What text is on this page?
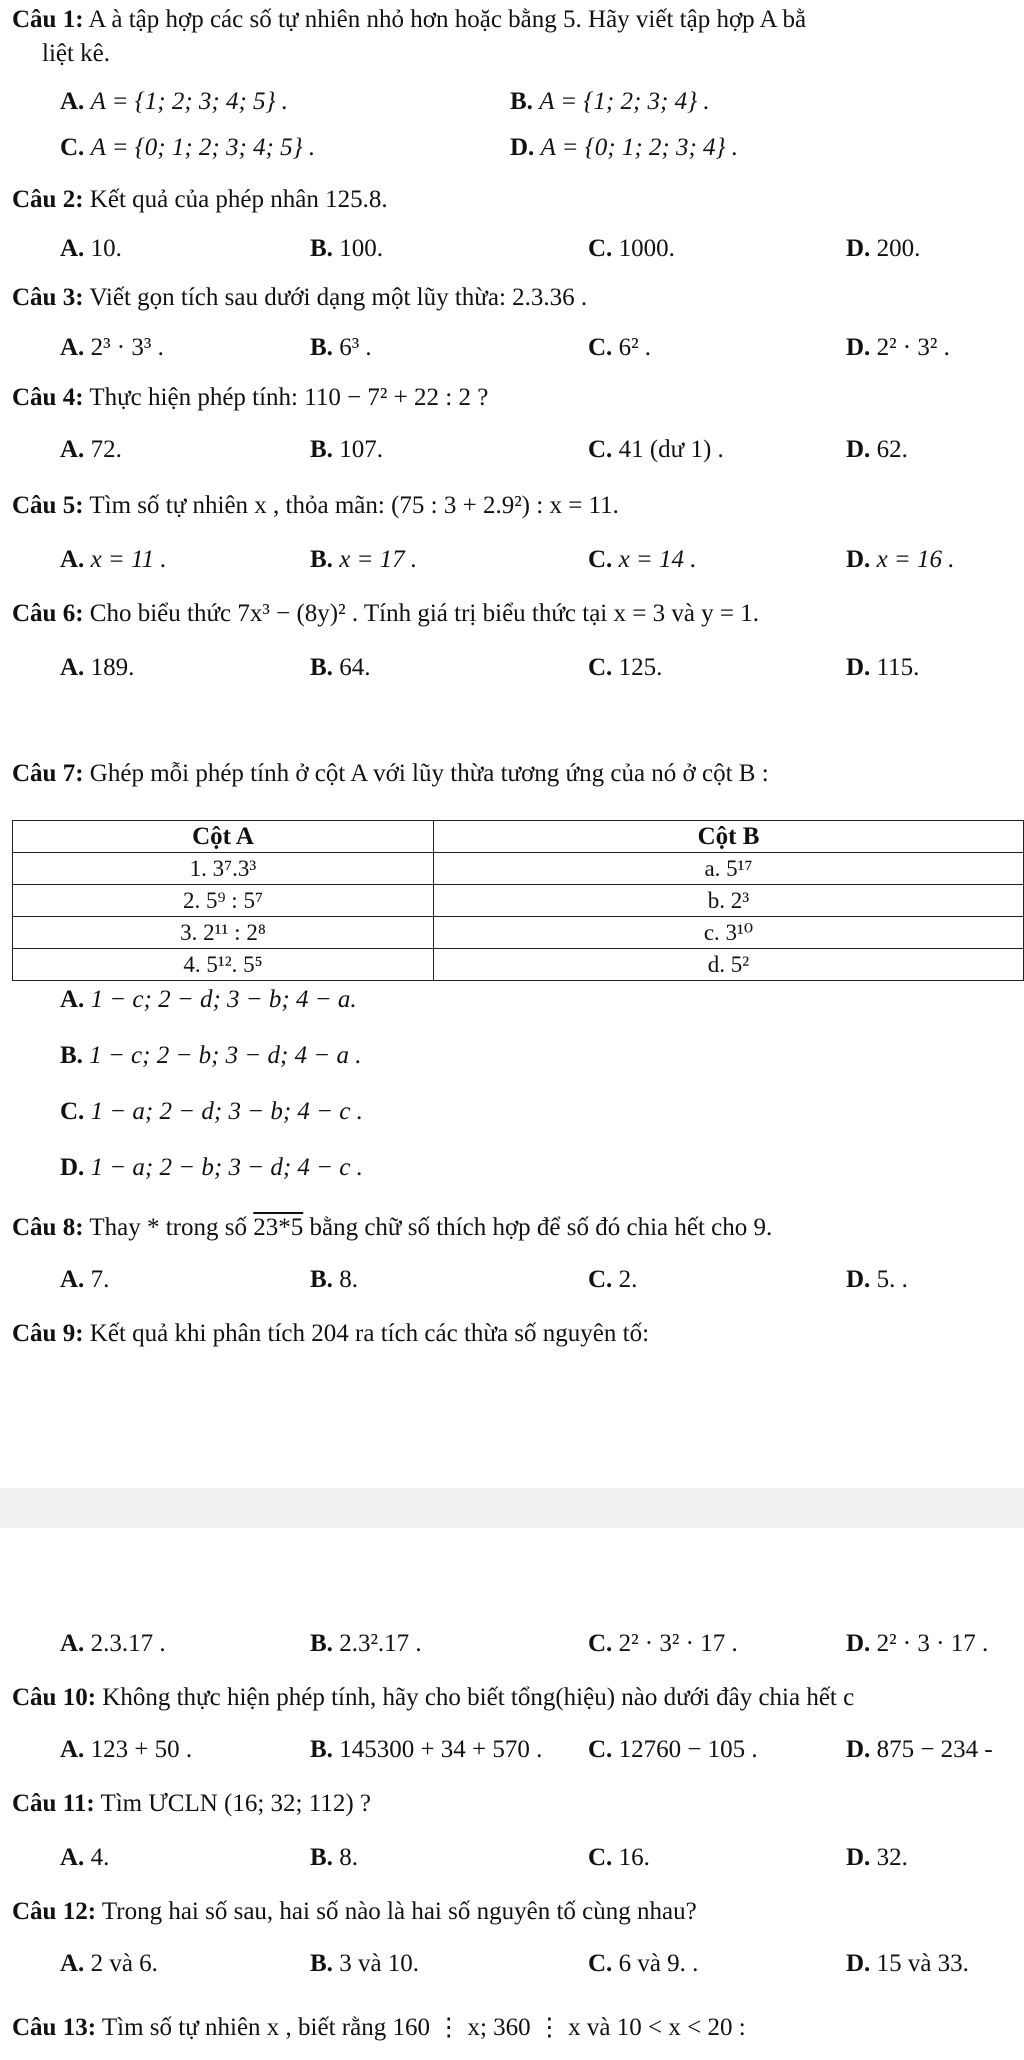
Câu 1: A à tập hợp các số tự nhiên nhỏ hơn hoặc bằng 5. Hãy viết tập hợp A bằ
liệt kê.
A. A = {1; 2; 3; 4; 5} .	B. A = {1; 2; 3; 4} .
C. A = {0; 1; 2; 3; 4; 5} .	D. A = {0; 1; 2; 3; 4} .
Câu 2: Kết quả của phép nhân 125.8.
A. 10.	B. 100.	C. 1000.	D. 200.
Câu 3: Viết gọn tích sau dưới dạng một lũy thừa: 2.3.36 .
A. 2³ · 3³ .	B. 6³ .	C. 6² .	D. 2² · 3² .
Câu 4: Thực hiện phép tính: 110 − 7² + 22 : 2 ?
A. 72.	B. 107.	C. 41 (dư 1) .	D. 62.
Câu 5: Tìm số tự nhiên x , thỏa mãn: (75 : 3 + 2.9²) : x = 11.
A. x = 11 .	B. x = 17 .	C. x = 14 .	D. x = 16 .
Câu 6: Cho biểu thức 7x³ − (8y)² . Tính giá trị biểu thức tại x = 3 và y = 1.
A. 189.	B. 64.	C. 125.	D. 115.
Câu 7: Ghép mỗi phép tính ở cột A với lũy thừa tương ứng của nó ở cột B :
Cột A	Cột B
1. 3⁷.3³	a. 5¹⁷
2. 5⁹ : 5⁷	b. 2³
3. 2¹¹ : 2⁸	c. 3¹⁰
4. 5¹². 5⁵	d. 5²
A. 1 − c; 2 − d; 3 − b; 4 − a.
B. 1 − c; 2 − b; 3 − d; 4 − a .
C. 1 − a; 2 − d; 3 − b; 4 − c .
D. 1 − a; 2 − b; 3 − d; 4 − c .
Câu 8: Thay * trong số 23*5 bằng chữ số thích hợp để số đó chia hết cho 9.
A. 7.	B. 8.	C. 2.	D. 5. .
Câu 9: Kết quả khi phân tích 204 ra tích các thừa số nguyên tố:
A. 2.3.17 .	B. 2.3².17 .	C. 2² · 3² · 17 .	D. 2² · 3 · 17 .
Câu 10: Không thực hiện phép tính, hãy cho biết tổng(hiệu) nào dưới đây chia hết c
A. 123 + 50 .	B. 145300 + 34 + 570 . C. 12760 − 105 .	D. 875 − 234 -
Câu 11: Tìm ƯCLN (16; 32; 112) ?
A. 4.	B. 8.	C. 16.	D. 32.
Câu 12: Trong hai số sau, hai số nào là hai số nguyên tố cùng nhau?
A. 2 và 6.	B. 3 và 10.	C. 6 và 9. .	D. 15 và 33.
Câu 13: Tìm số tự nhiên x , biết rằng 160 ⋮ x; 360 ⋮ x và 10 < x < 20 :
